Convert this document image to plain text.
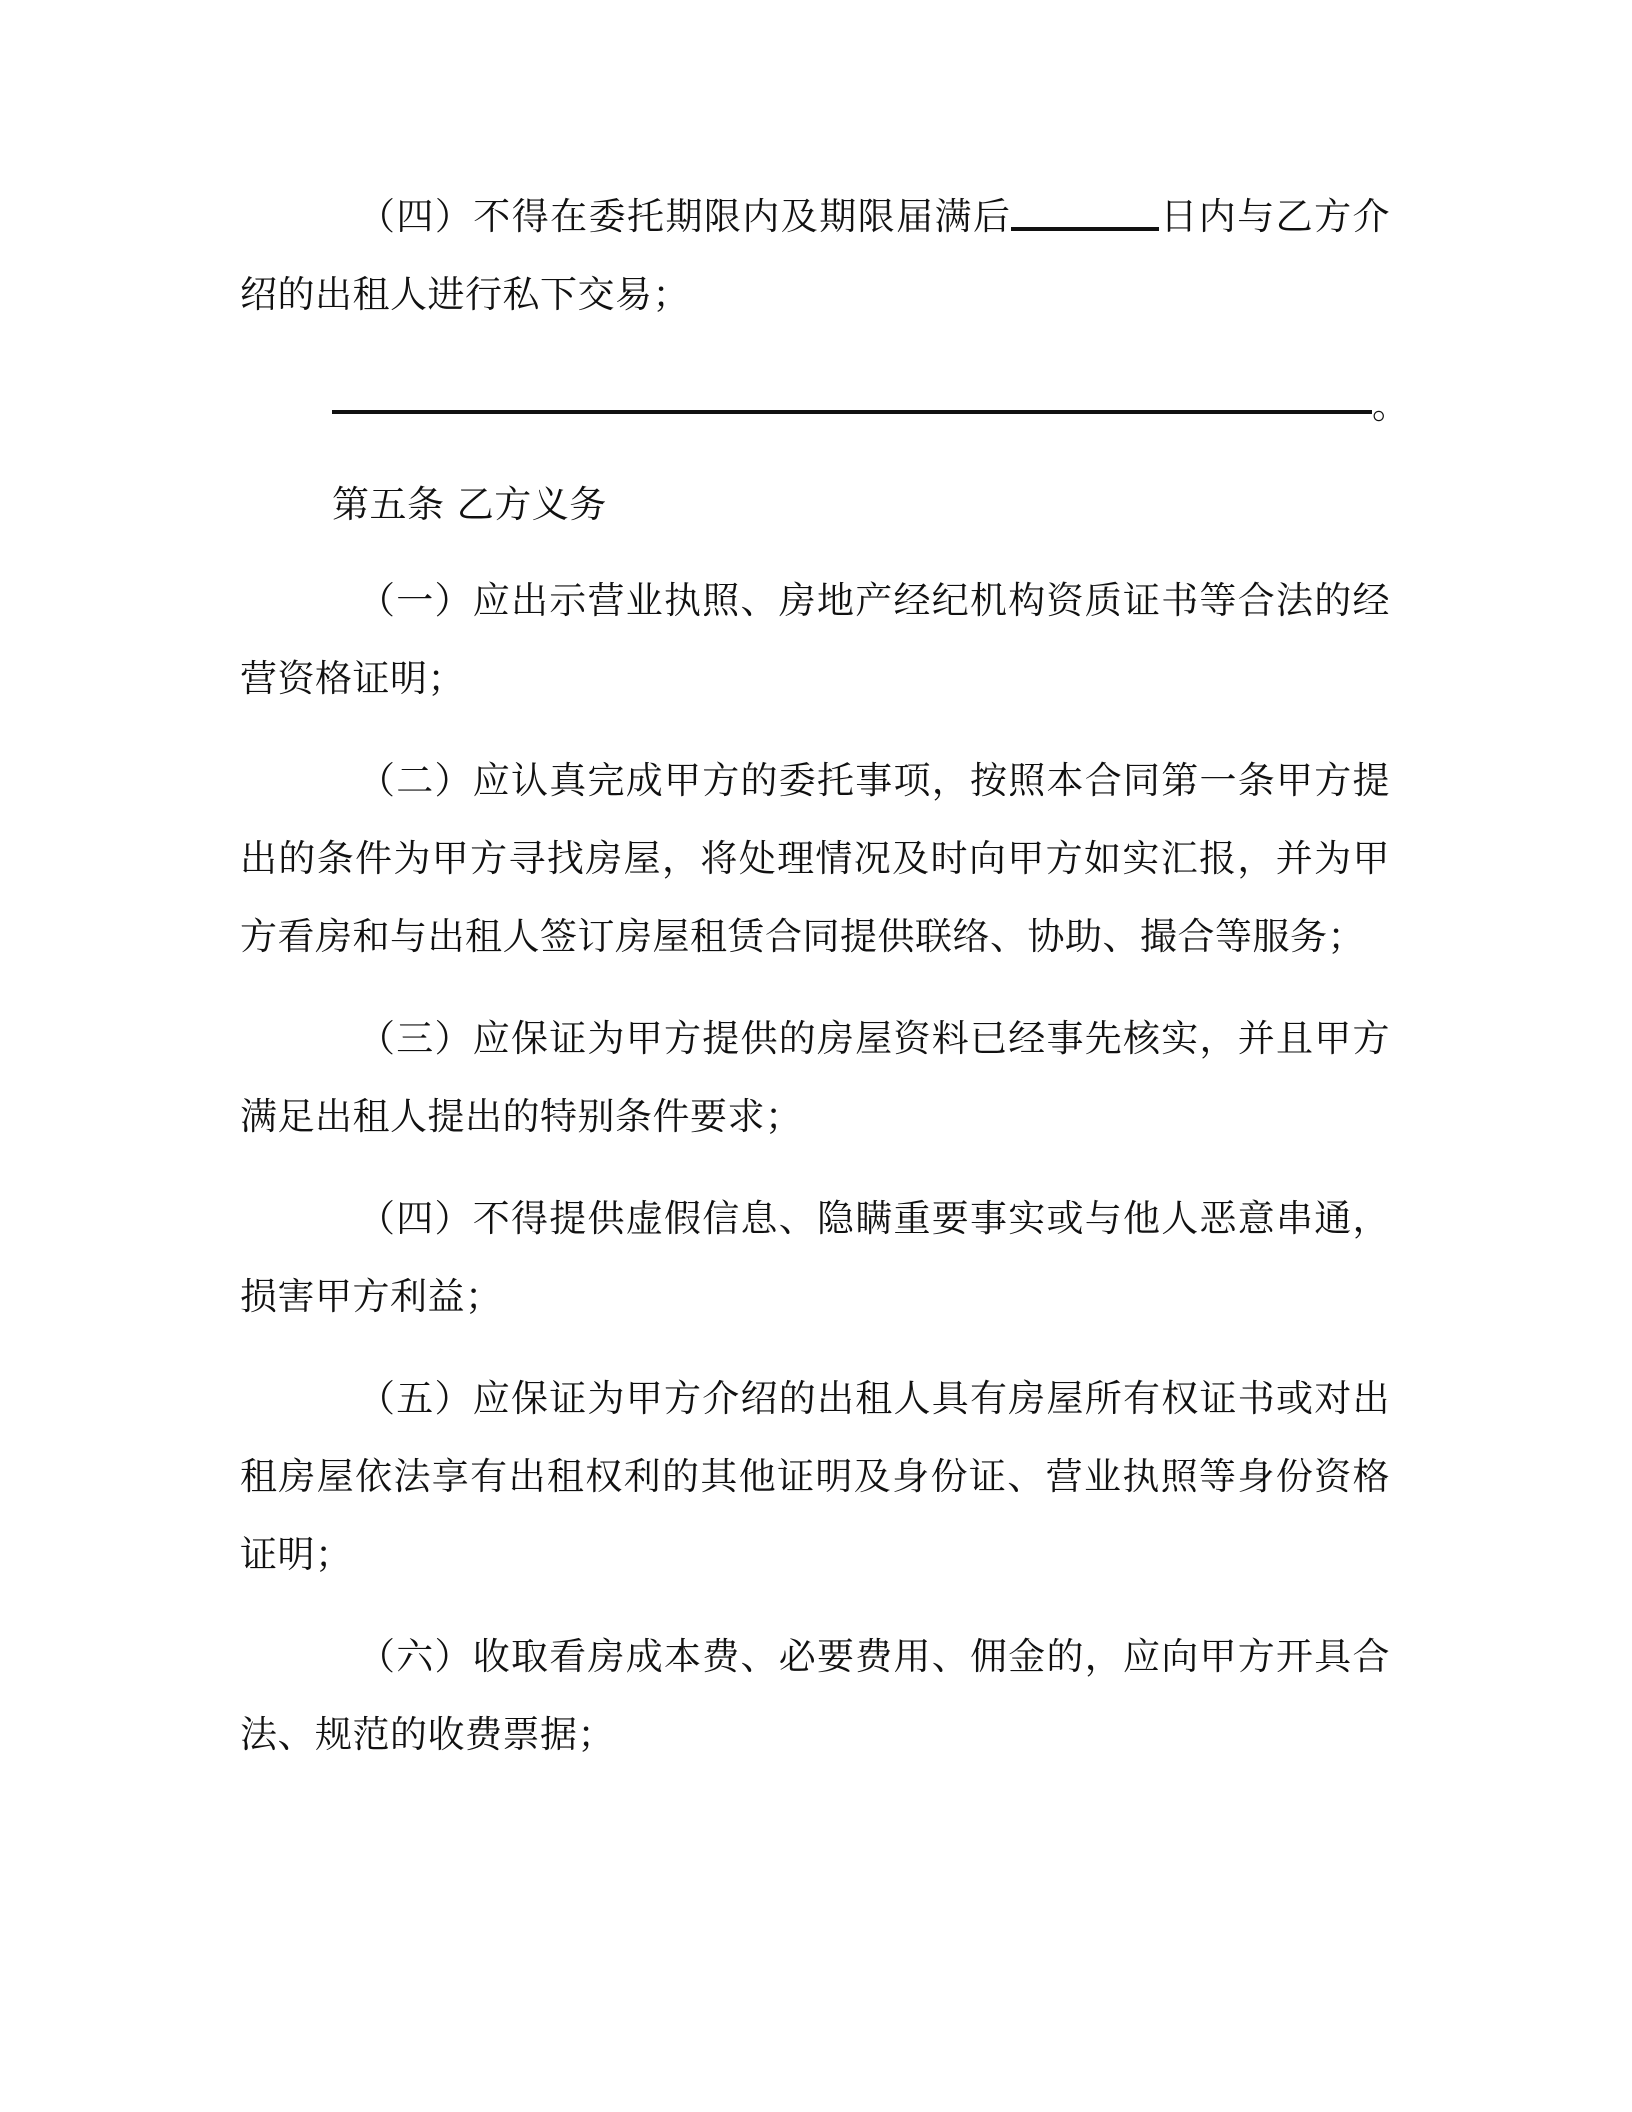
（四）不得在委托期限内及期限届满后	日内与乙方介绍的出租人进行私下交易；

。

第五条 乙方义务

（一）应出示营业执照、房地产经纪机构资质证书等合法的经营资格证明；

（二）应认真完成甲方的委托事项，按照本合同第一条甲方提出的条件为甲方寻找房屋，将处理情况及时向甲方如实汇报，并为甲方看房和与出租人签订房屋租赁合同提供联络、协助、撮合等服务；

（三）应保证为甲方提供的房屋资料已经事先核实，并且甲方满足出租人提出的特别条件要求；

（四）不得提供虚假信息、隐瞒重要事实或与他人恶意串通，损害甲方利益；

（五）应保证为甲方介绍的出租人具有房屋所有权证书或对出租房屋依法享有出租权利的其他证明及身份证、营业执照等身份资格证明；

（六）收取看房成本费、必要费用、佣金的，应向甲方开具合法、规范的收费票据；
